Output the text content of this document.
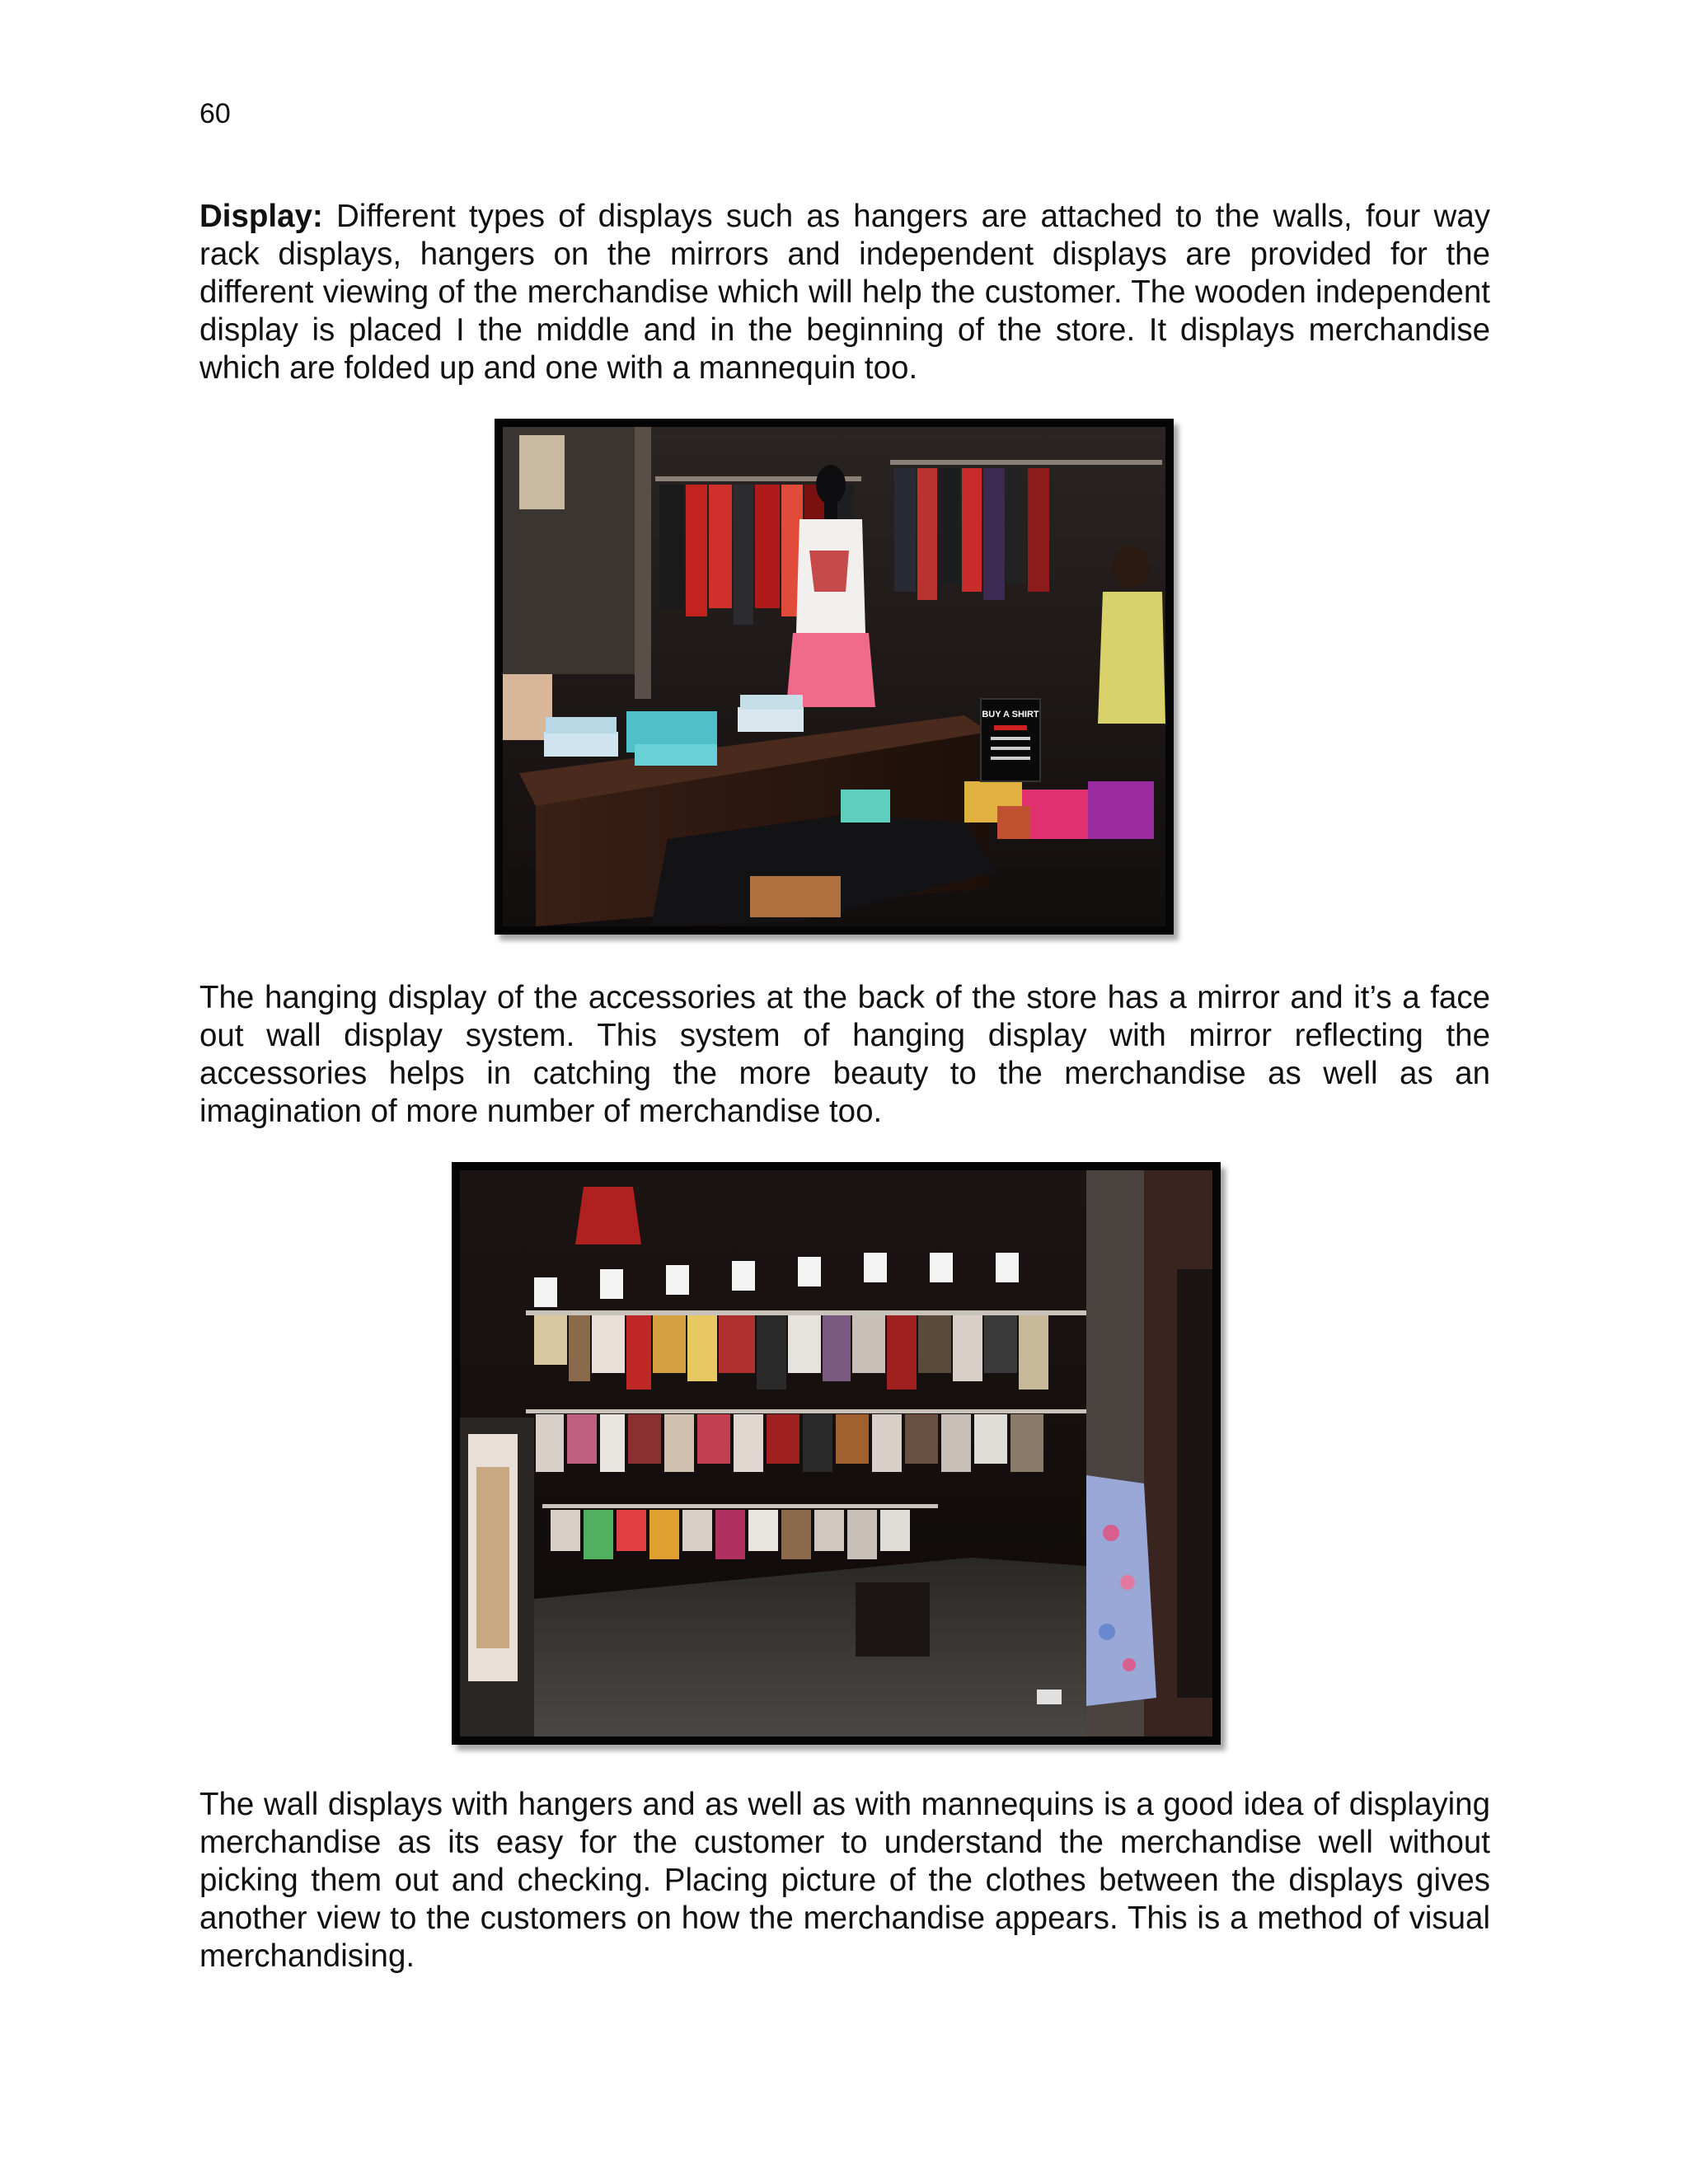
60

Display: Different types of displays such as hangers are attached to the walls, four way rack displays, hangers on the mirrors and independent displays are provided for the different viewing of the merchandise which will help the customer. The wooden independent display is placed I the middle and in the beginning of the store. It displays merchandise which are folded up and one with a mannequin too.

BUY A SHIRT

The hanging display of the accessories at the back of the store has a mirror and it’s a face out wall display system. This system of hanging display with mirror reflecting the accessories helps in catching the more beauty to the merchandise as well as an imagination of more number of merchandise too.

The wall displays with hangers and as well as with mannequins is a good idea of displaying merchandise as its easy for the customer to understand the merchandise well without picking them out and checking. Placing picture of the clothes between the displays gives another view to the customers on how the merchandise appears. This is a method of visual merchandising.
